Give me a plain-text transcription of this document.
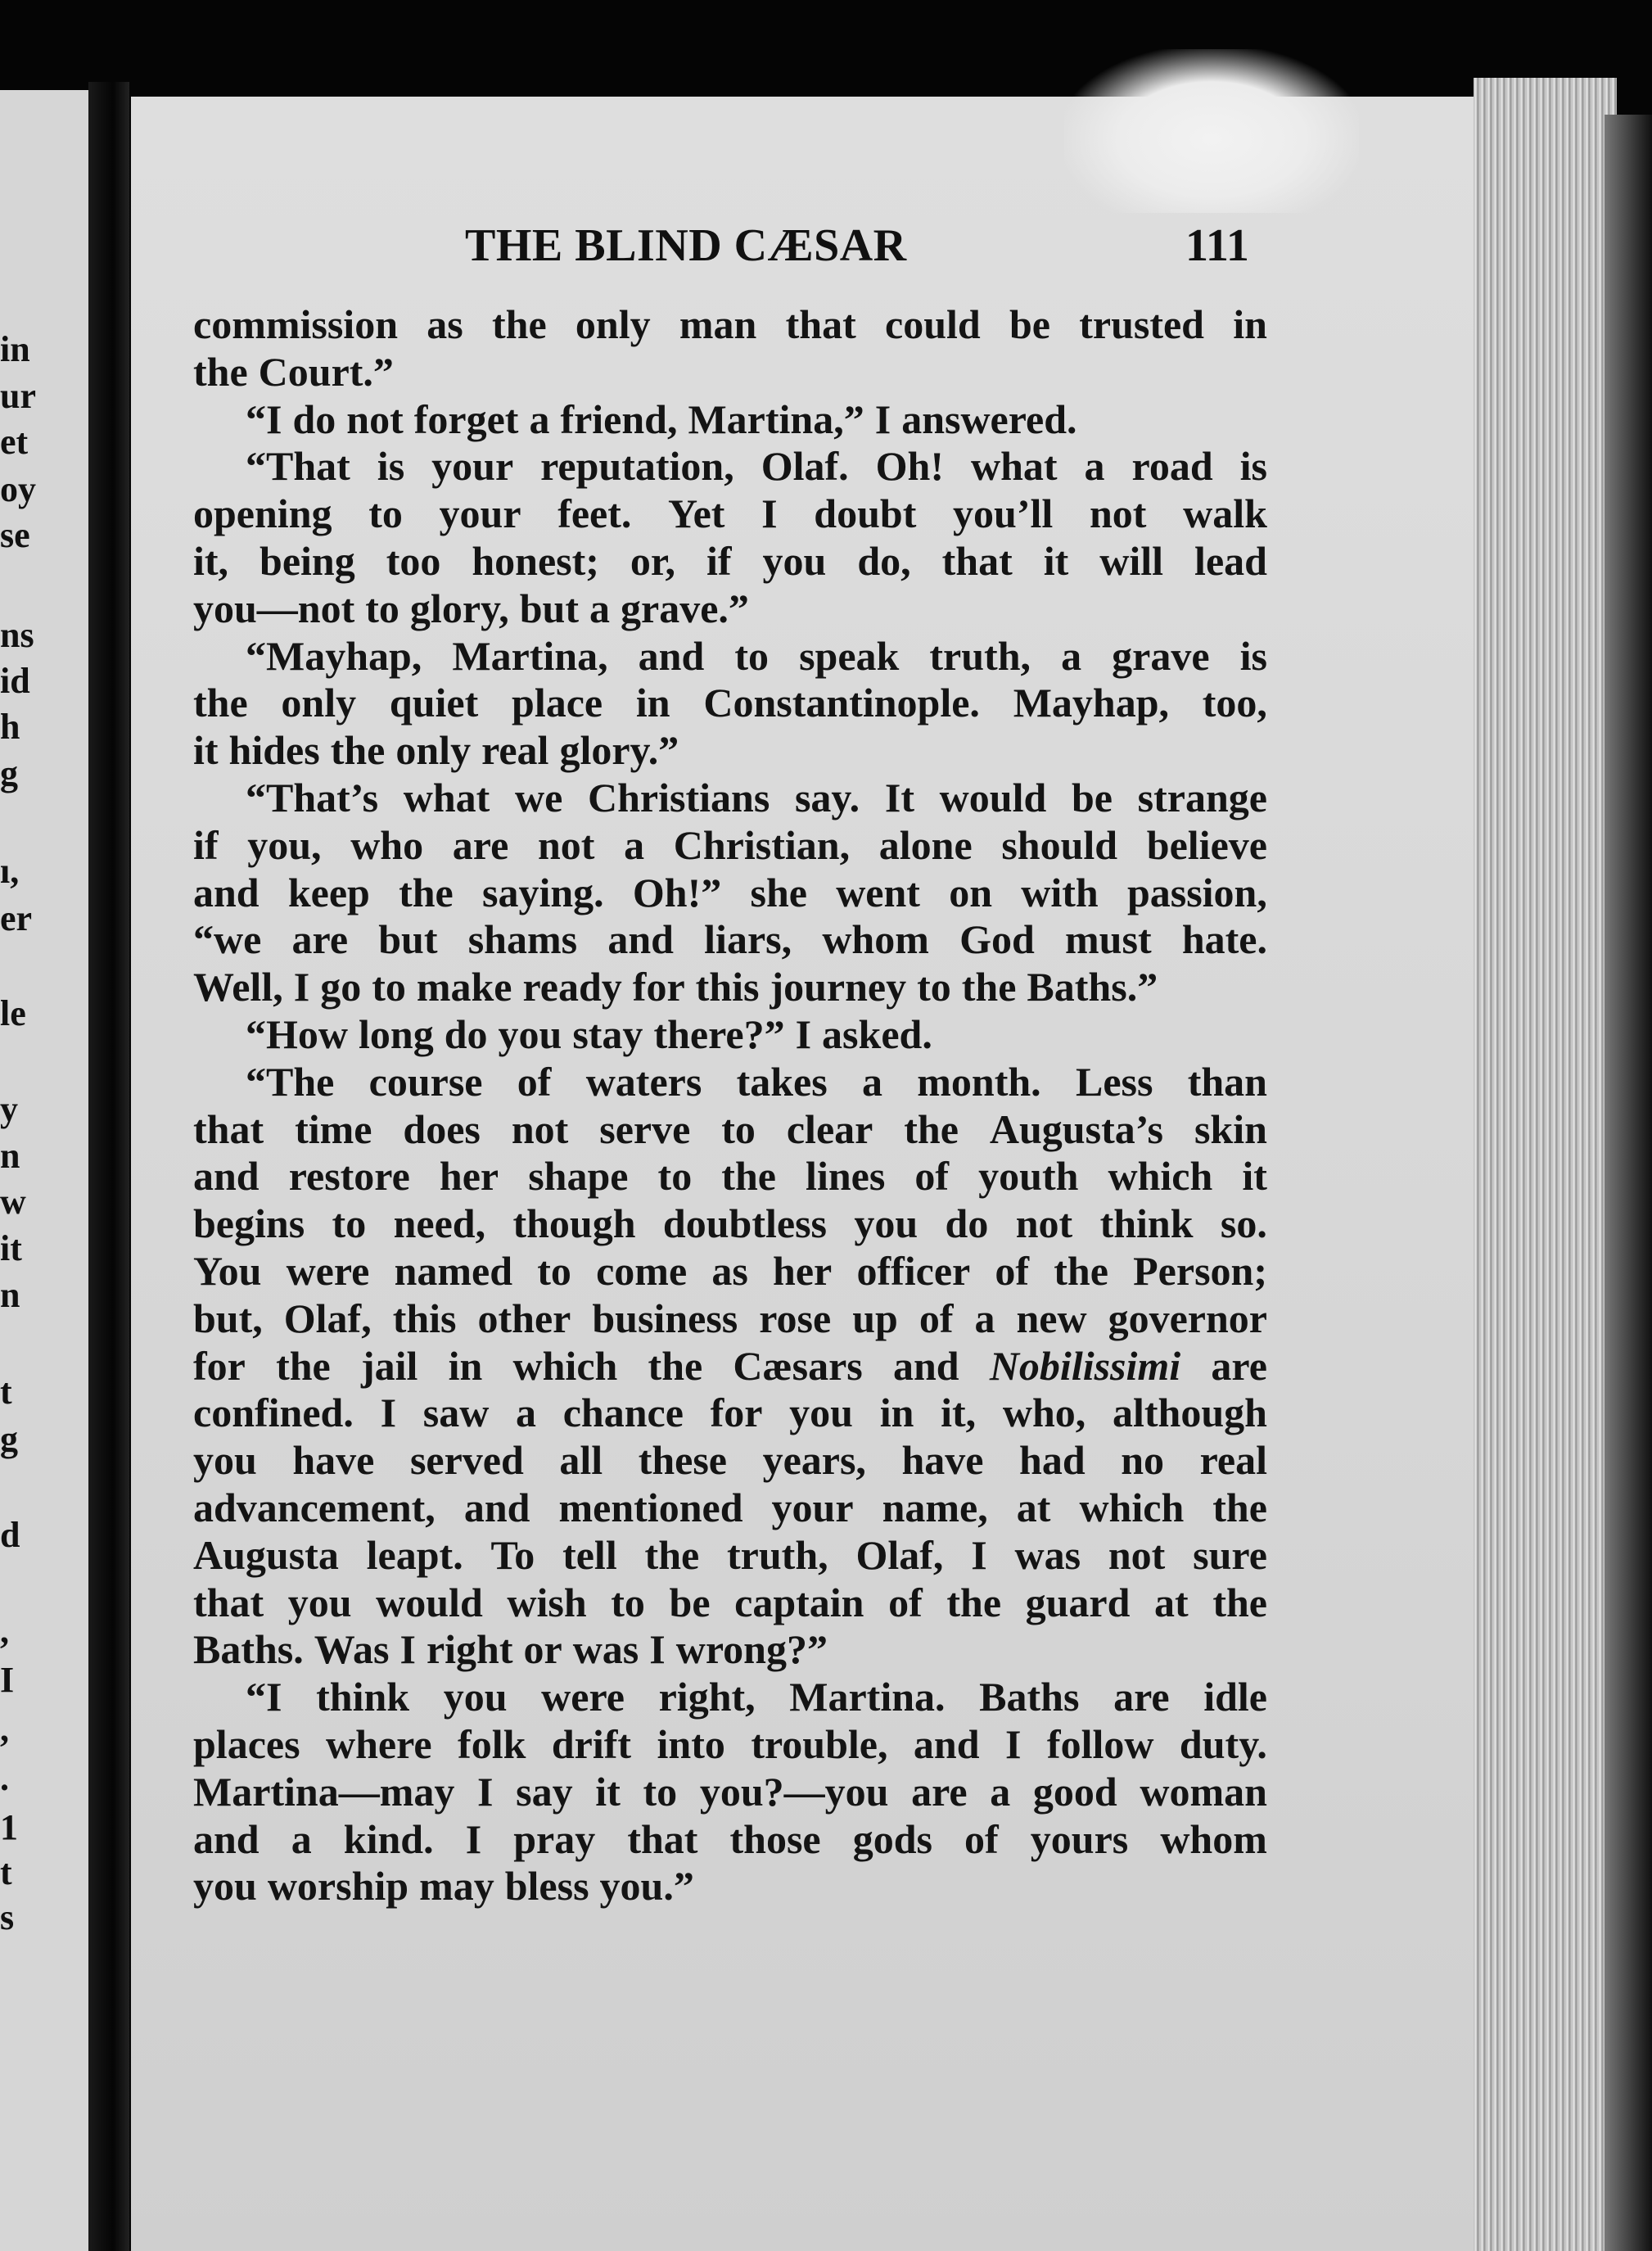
in
ur
et
oy
se
ns
id
h
g
ı,
er
le
y
n
w
it
n
t
g
d
,
I
,
.
1
t
s
THE BLIND CÆSAR	111
commission as the only man that could be trusted in
the Court.”
“I do not forget a friend, Martina,” I answered.
“That is your reputation, Olaf. Oh! what a road is
opening to your feet. Yet I doubt you’ll not walk
it, being too honest; or, if you do, that it will lead
you—not to glory, but a grave.”
“Mayhap, Martina, and to speak truth, a grave is
the only quiet place in Constantinople. Mayhap, too,
it hides the only real glory.”
“That’s what we Christians say. It would be strange
if you, who are not a Christian, alone should believe
and keep the saying. Oh!” she went on with passion,
“we are but shams and liars, whom God must hate.
Well, I go to make ready for this journey to the Baths.”
“How long do you stay there?” I asked.
“The course of waters takes a month. Less than
that time does not serve to clear the Augusta’s skin
and restore her shape to the lines of youth which it
begins to need, though doubtless you do not think so.
You were named to come as her officer of the Person;
but, Olaf, this other business rose up of a new governor
for the jail in which the Cæsars and Nobilissimi are
confined. I saw a chance for you in it, who, although
you have served all these years, have had no real
advancement, and mentioned your name, at which the
Augusta leapt. To tell the truth, Olaf, I was not sure
that you would wish to be captain of the guard at the
Baths. Was I right or was I wrong?”
“I think you were right, Martina. Baths are idle
places where folk drift into trouble, and I follow duty.
Martina—may I say it to you?—you are a good woman
and a kind. I pray that those gods of yours whom
you worship may bless you.”
